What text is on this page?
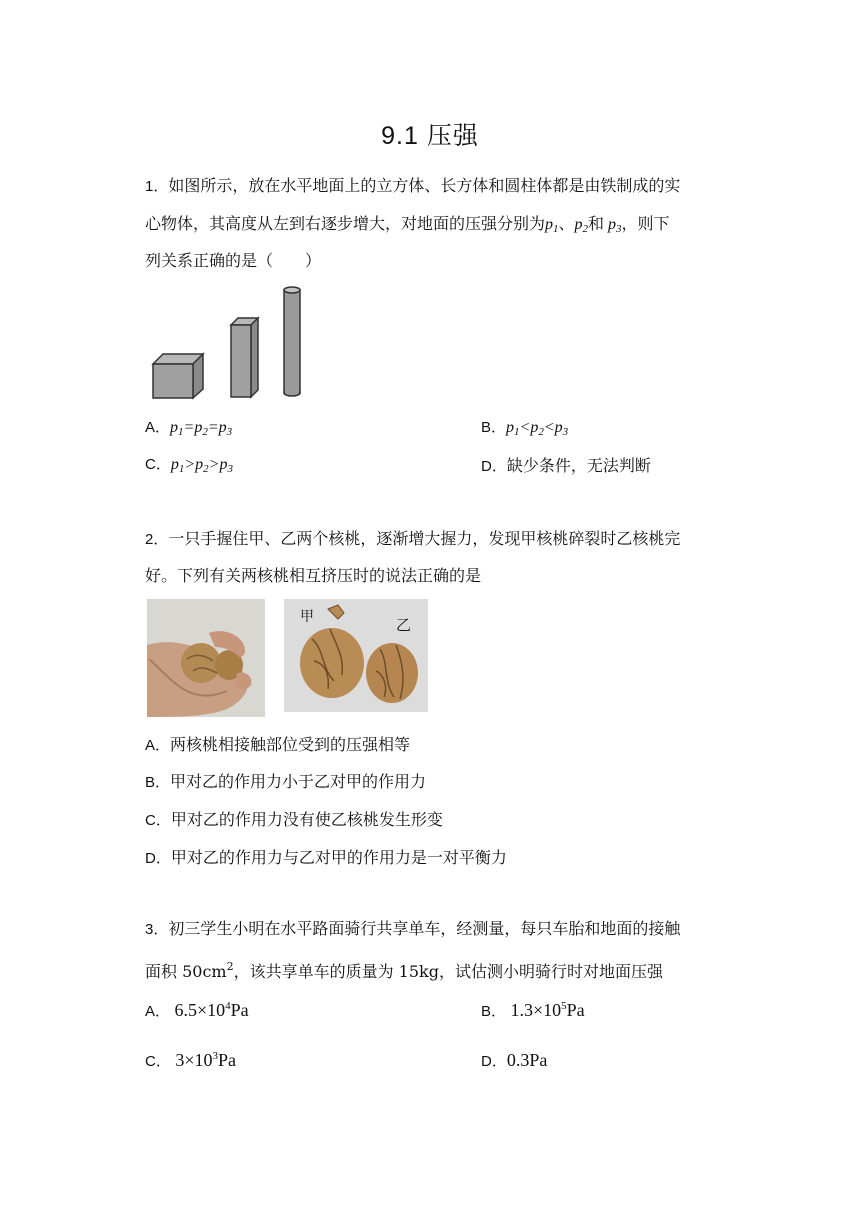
9.1 压强
1．如图所示，放在水平地面上的立方体、长方体和圆柱体都是由铁制成的实
心物体，其高度从左到右逐步增大，对地面的压强分别为$p_1$、$p_2$和 $p_3$，则下
列关系正确的是（　　）
A．$p_1=p_2=p_3$	B．$p_1<p_2<p_3$
C．$p_1>p_2>p_3$	D．缺少条件，无法判断
2．一只手握住甲、乙两个核桃，逐渐增大握力，发现甲核桃碎裂时乙核桃完
好。下列有关两核桃相互挤压时的说法正确的是
甲	乙
A．两核桃相接触部位受到的压强相等
B．甲对乙的作用力小于乙对甲的作用力
C．甲对乙的作用力没有使乙核桃发生形变
D．甲对乙的作用力与乙对甲的作用力是一对平衡力
3．初三学生小明在水平路面骑行共享单车，经测量，每只车胎和地面的接触
面积 $50cm^2$，该共享单车的质量为 15kg，试估测小明骑行时对地面压强
A． $6.5\times 10^4Pa$	B． $1.3\times 10^5Pa$
C． $3\times 10^3Pa$	D．0.3Pa
